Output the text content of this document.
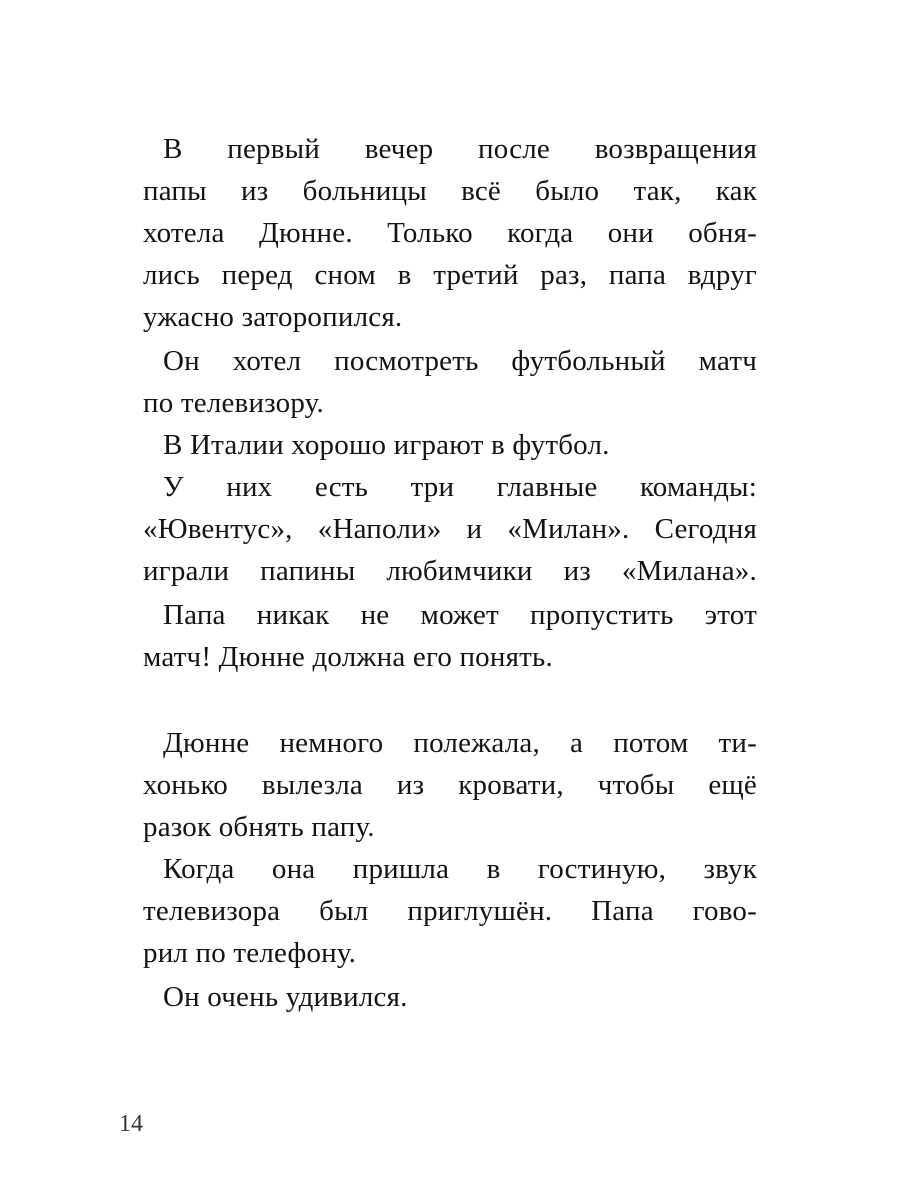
В первый вечер после возвращения
папы из больницы всё было так, как
хотела Дюнне. Только когда они обня-
лись перед сном в третий раз, папа вдруг
ужасно заторопился.
Он хотел посмотреть футбольный матч
по телевизору.
В Италии хорошо играют в футбол.
У них есть три главные команды:
«Ювентус», «Наполи» и «Милан». Сегодня
играли папины любимчики из «Милана».
Папа никак не может пропустить этот
матч! Дюнне должна его понять.
Дюнне немного полежала, а потом ти-
хонько вылезла из кровати, чтобы ещё
разок обнять папу.
Когда она пришла в гостиную, звук
телевизора был приглушён. Папа гово-
рил по телефону.
Он очень удивился.
14
